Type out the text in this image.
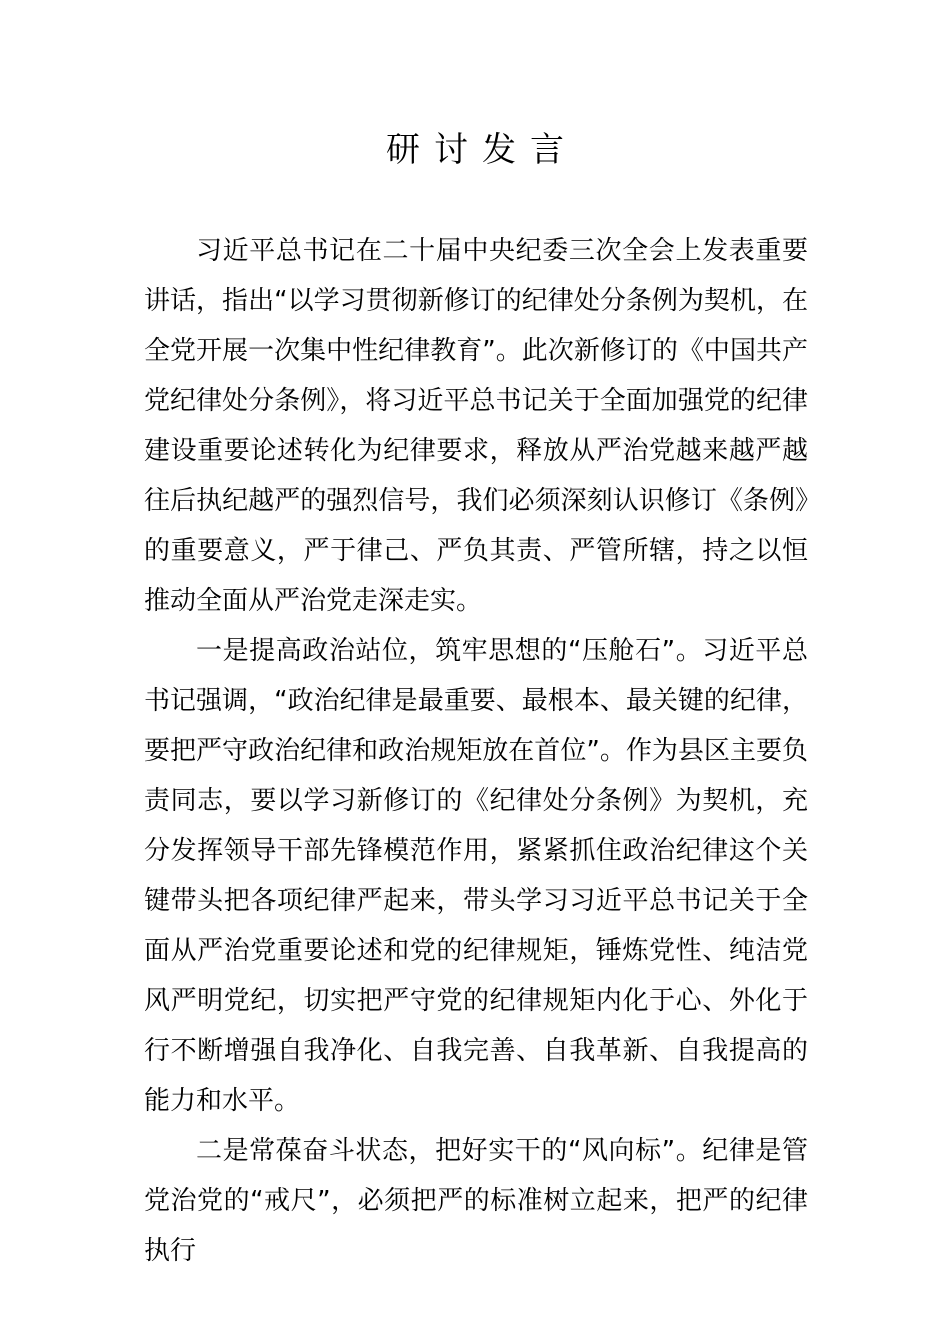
研讨发言

习近平总书记在二十届中央纪委三次全会上发表重要讲话，指出“以学习贯彻新修订的纪律处分条例为契机，在全党开展一次集中性纪律教育”。此次新修订的《中国共产党纪律处分条例》，将习近平总书记关于全面加强党的纪律建设重要论述转化为纪律要求，释放从严治党越来越严越往后执纪越严的强烈信号，我们必须深刻认识修订《条例》的重要意义，严于律己、严负其责、严管所辖，持之以恒推动全面从严治党走深走实。

一是提高政治站位，筑牢思想的“压舱石”。习近平总书记强调，“政治纪律是最重要、最根本、最关键的纪律，要把严守政治纪律和政治规矩放在首位”。作为县区主要负责同志，要以学习新修订的《纪律处分条例》为契机，充分发挥领导干部先锋模范作用，紧紧抓住政治纪律这个关键带头把各项纪律严起来，带头学习习近平总书记关于全面从严治党重要论述和党的纪律规矩，锤炼党性、纯洁党风严明党纪，切实把严守党的纪律规矩内化于心、外化于行不断增强自我净化、自我完善、自我革新、自我提高的能力和水平。

二是常葆奋斗状态，把好实干的“风向标”。纪律是管党治党的“戒尺”，必须把严的标准树立起来，把严的纪律执行
